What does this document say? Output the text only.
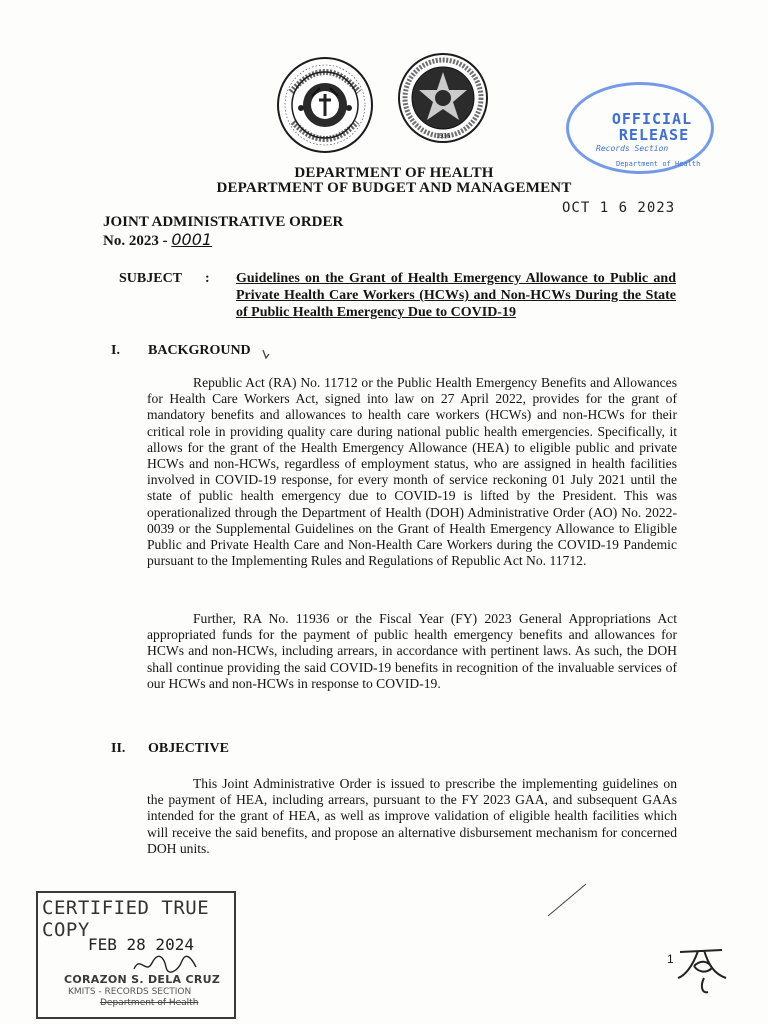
1936
OFFICIAL
RELEASE
Records Section
Department of Health
DEPARTMENT OF HEALTH
DEPARTMENT OF BUDGET AND MANAGEMENT
OCT 1 6 2023
JOINT ADMINISTRATIVE ORDER
No. 2023 - 0001
SUBJECT : Guidelines on the Grant of Health Emergency Allowance to Public and Private Health Care Workers (HCWs) and Non-HCWs During the State of Public Health Emergency Due to COVID-19
I. BACKGROUND
Republic Act (RA) No. 11712 or the Public Health Emergency Benefits and Allowances for Health Care Workers Act, signed into law on 27 April 2022, provides for the grant of mandatory benefits and allowances to health care workers (HCWs) and non-HCWs for their critical role in providing quality care during national public health emergencies. Specifically, it allows for the grant of the Health Emergency Allowance (HEA) to eligible public and private HCWs and non-HCWs, regardless of employment status, who are assigned in health facilities involved in COVID-19 response, for every month of service reckoning 01 July 2021 until the state of public health emergency due to COVID-19 is lifted by the President. This was operationalized through the Department of Health (DOH) Administrative Order (AO) No. 2022-0039 or the Supplemental Guidelines on the Grant of Health Emergency Allowance to Eligible Public and Private Health Care and Non-Health Care Workers during the COVID-19 Pandemic pursuant to the Implementing Rules and Regulations of Republic Act No. 11712.
Further, RA No. 11936 or the Fiscal Year (FY) 2023 General Appropriations Act appropriated funds for the payment of public health emergency benefits and allowances for HCWs and non-HCWs, including arrears, in accordance with pertinent laws. As such, the DOH shall continue providing the said COVID-19 benefits in recognition of the invaluable services of our HCWs and non-HCWs in response to COVID-19.
II. OBJECTIVE
This Joint Administrative Order is issued to prescribe the implementing guidelines on the payment of HEA, including arrears, pursuant to the FY 2023 GAA, and subsequent GAAs intended for the grant of HEA, as well as improve validation of eligible health facilities which will receive the said benefits, and propose an alternative disbursement mechanism for concerned DOH units.
CERTIFIED TRUE COPY
FEB 28 2024
CORAZON S. DELA CRUZ
KMITS - RECORDS SECTION
Department of Health
1
